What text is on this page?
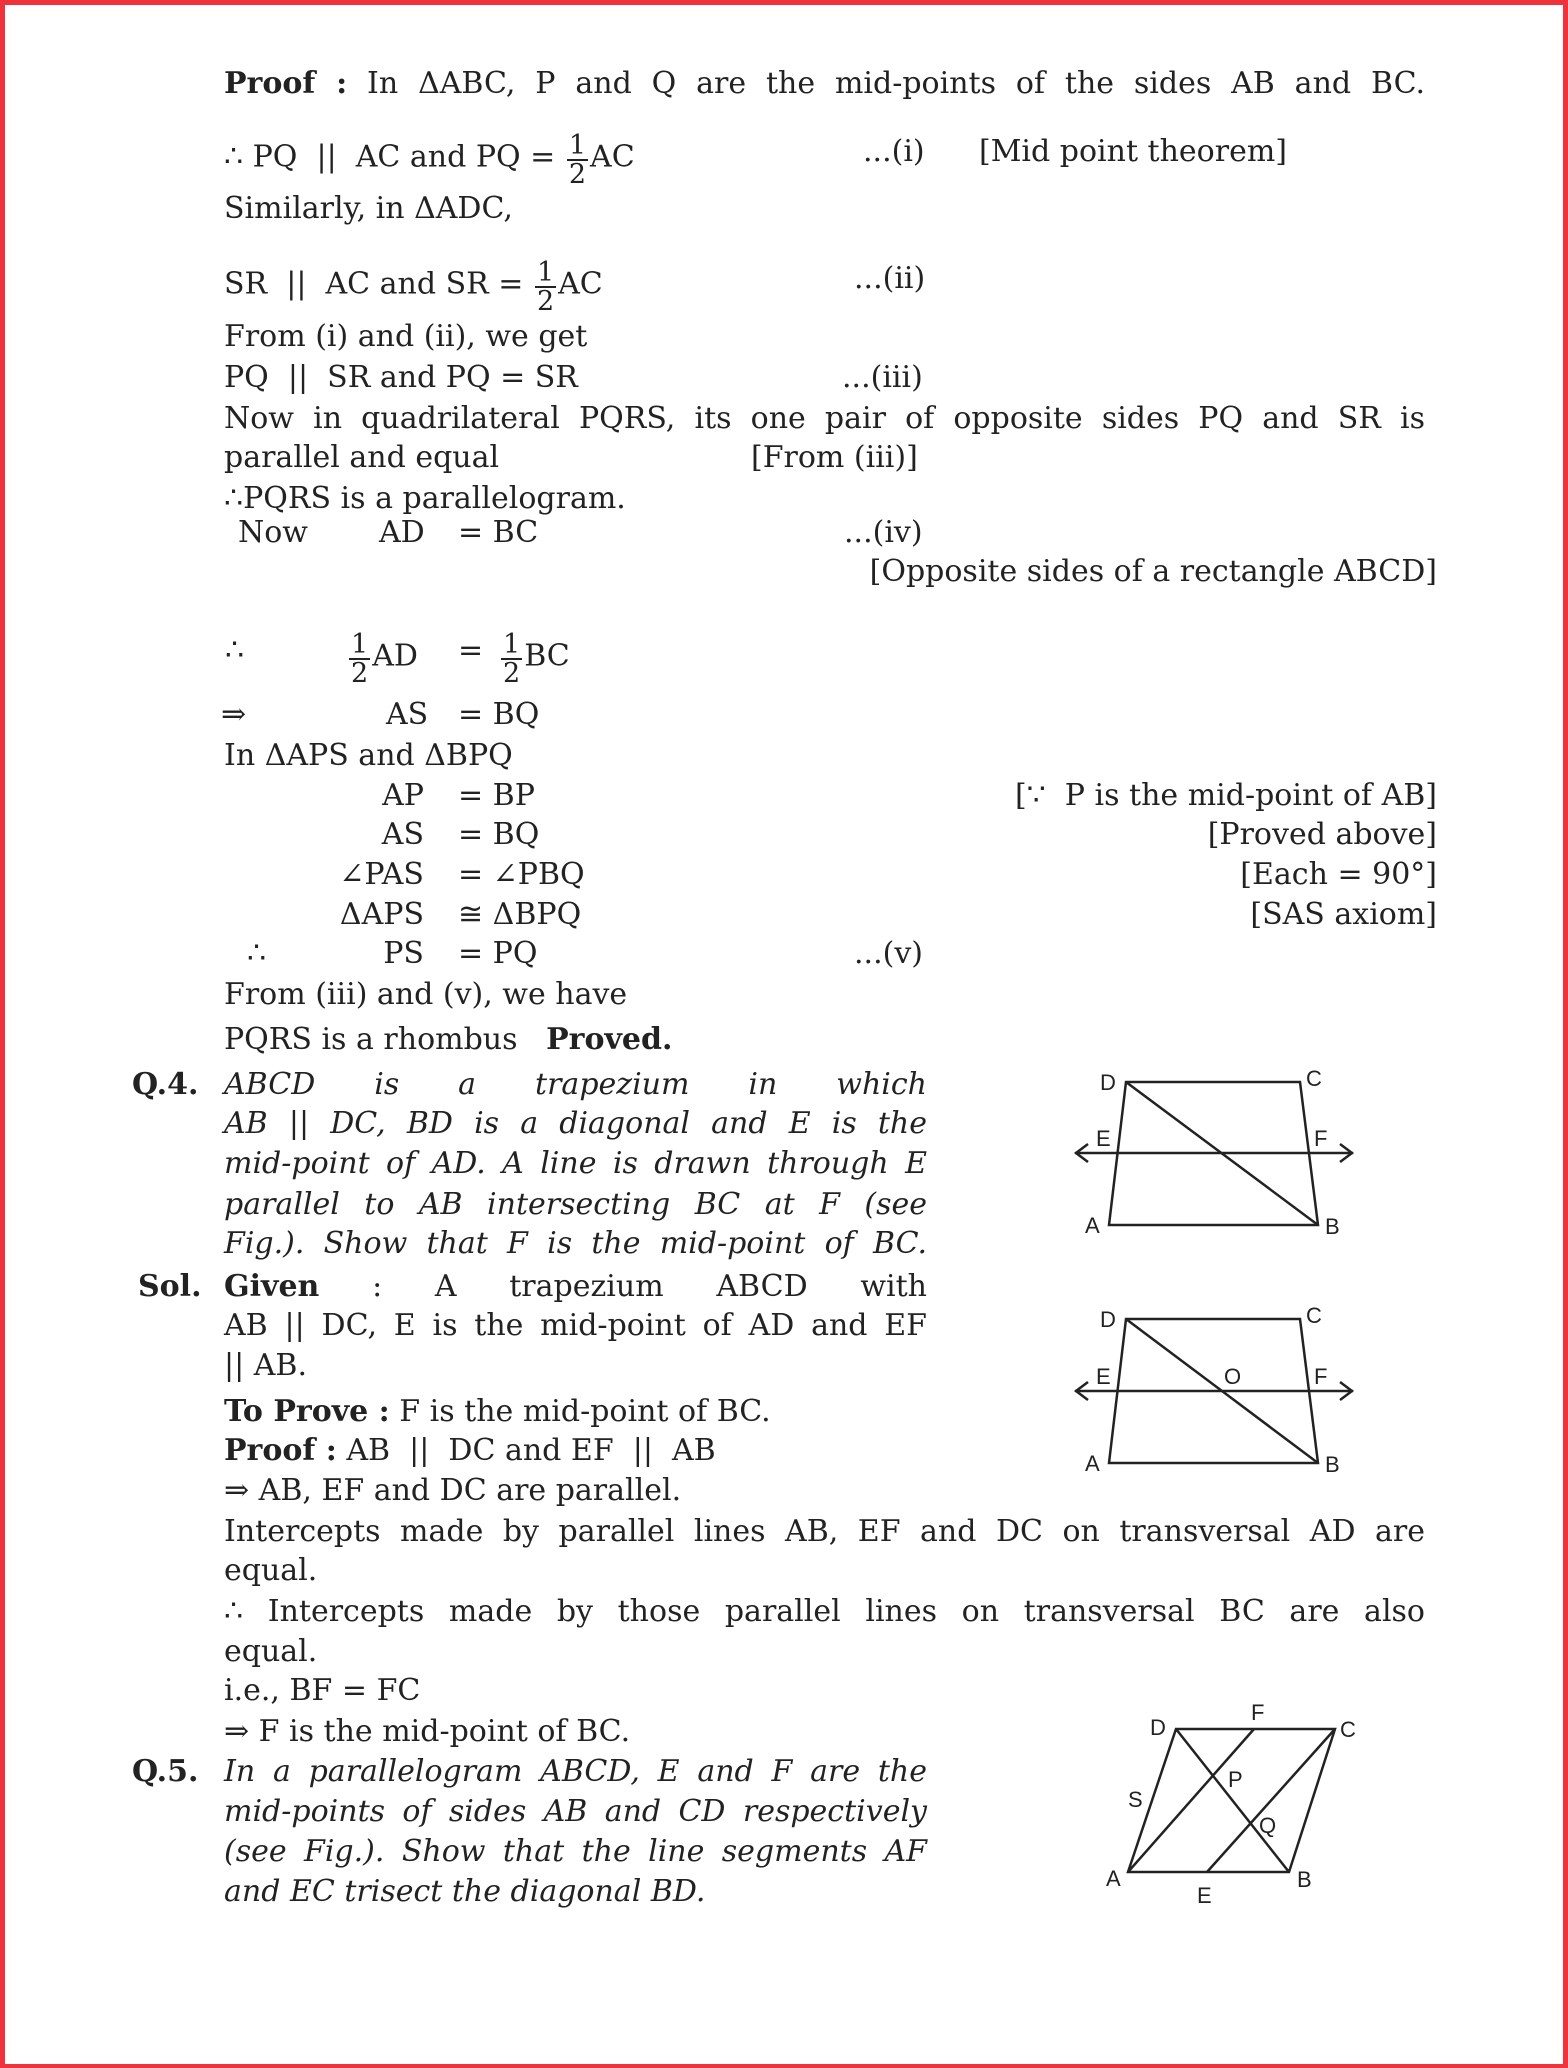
Proof : In ΔABC, P and Q are the mid-points of the sides AB and BC.
∴ PQ  ||  AC and PQ = $\frac{1}{2}$ AC	...(i) [Mid point theorem]
Similarly, in ΔADC,
SR  ||  AC and SR = $\frac{1}{2}$ AC	...(ii)
From (i) and (ii), we get
PQ  ||  SR and PQ = SR	...(iii)
Now in quadrilateral PQRS, its one pair of opposite sides PQ and SR is
parallel and equal	[From (iii)]
∴PQRS is a parallelogram.
Now AD = BC	...(iv)
[Opposite sides of a rectangle ABCD]
∴	$\frac{1}{2}$ AD = $\frac{1}{2}$ BC
⇒	AS = BQ
In ΔAPS and ΔBPQ
AP = BP	[∵  P is the mid-point of AB]
AS = BQ	[Proved above]
∠PAS = ∠PBQ	[Each = 90°]
ΔAPS ≅ ΔBPQ	[SAS axiom]
∴	PS = PQ	...(v)
From (iii) and (v), we have
PQRS is a rhombus Proved.
Q.4. ABCD is a trapezium in which
AB || DC, BD is a diagonal and E is the
mid-point of AD. A line is drawn through E
parallel to AB intersecting BC at F (see
Fig.). Show that F is the mid-point of BC.
Sol. Given : A trapezium ABCD with
AB || DC, E is the mid-point of AD and EF
|| AB.
To Prove : F is the mid-point of BC.
Proof : AB  ||  DC and EF  ||  AB
⇒ AB, EF and DC are parallel.
Intercepts made by parallel lines AB, EF and DC on transversal AD are
equal.
∴ Intercepts made by those parallel lines on transversal BC are also
equal.
i.e., BF = FC
⇒ F is the mid-point of BC.
Q.5. In a parallelogram ABCD, E and F are the
mid-points of sides AB and CD respectively
(see Fig.). Show that the line segments AF
and EC trisect the diagonal BD.
D	C
E	F
A	B
D	C
E	O	F
A	B
D
F
C
S
P
Q
A
E
B
